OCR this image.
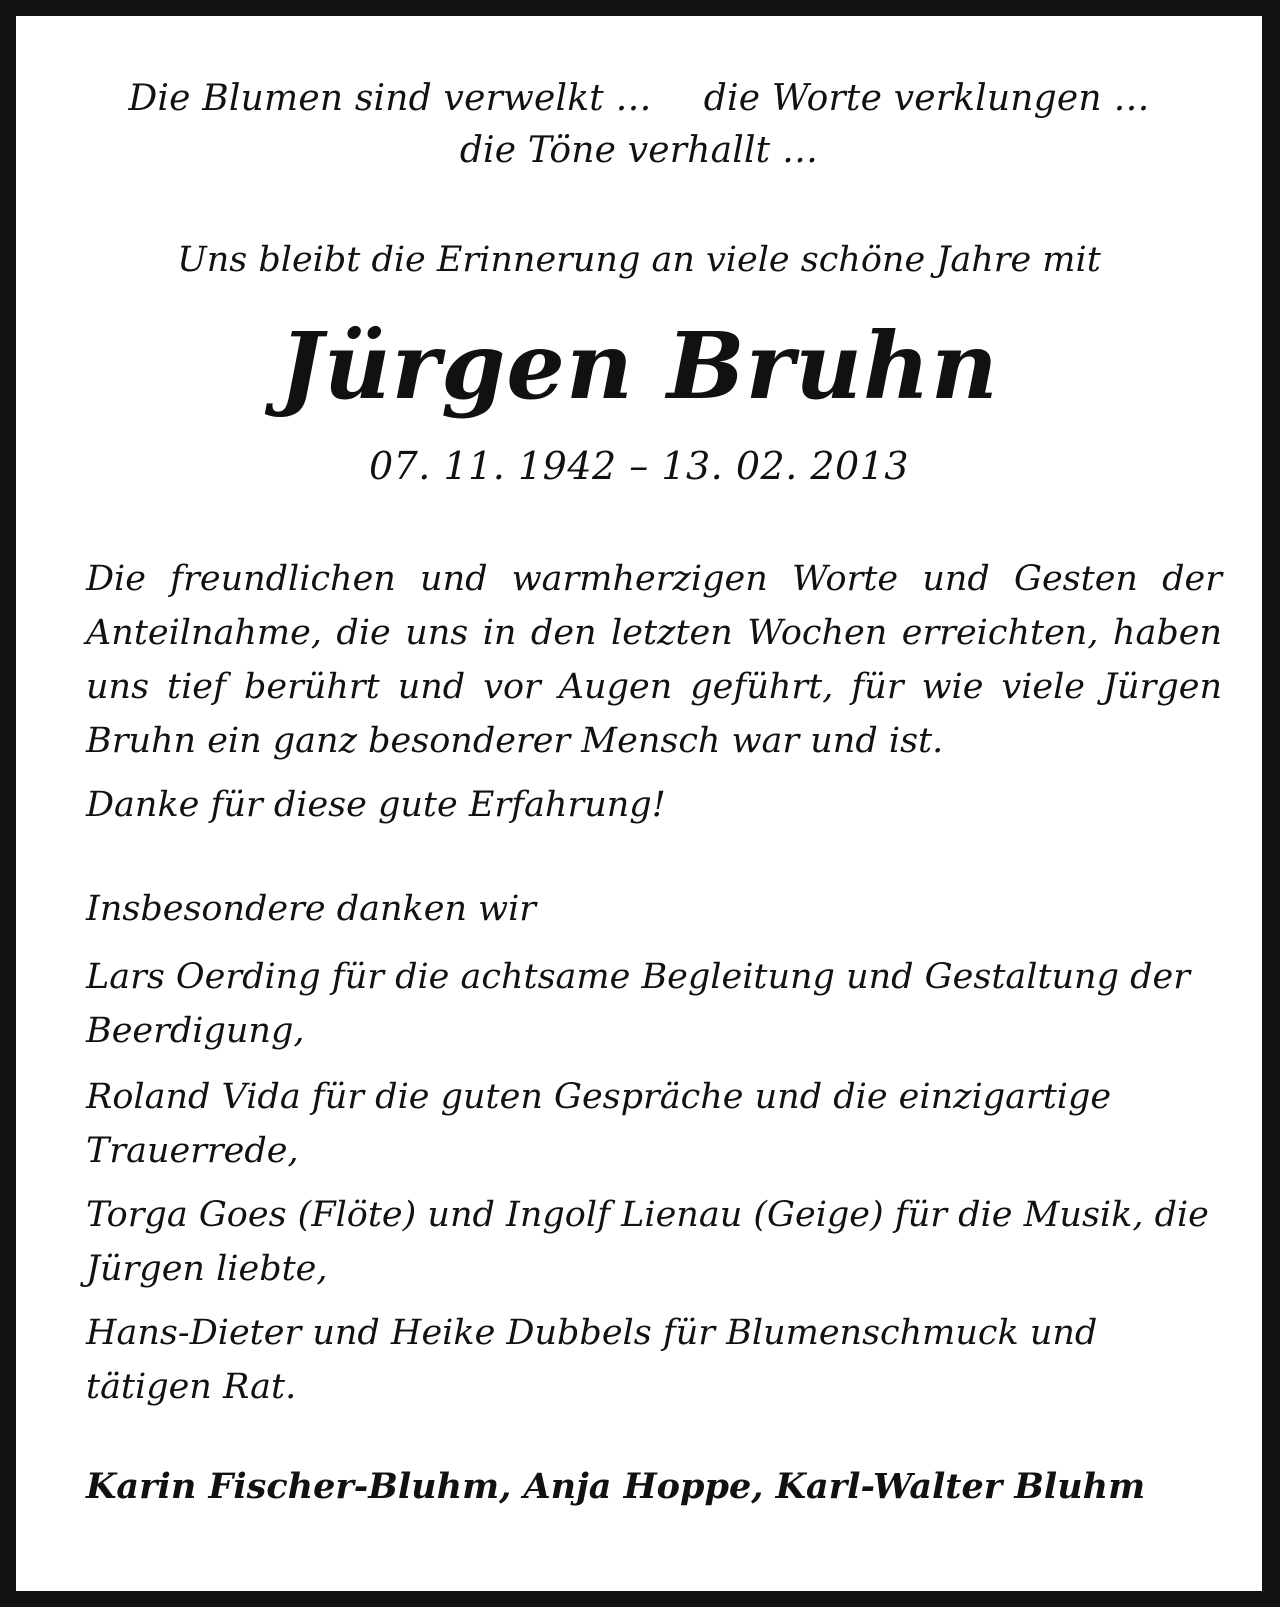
Die Blumen sind verwelkt … die Worte verklungen …

die Töne verhallt …

Uns bleibt die Erinnerung an viele schöne Jahre mit

Jürgen Bruhn

07. 11. 1942 – 13. 02. 2013

Die freundlichen und warmherzigen Worte und Gesten der Anteilnahme, die uns in den letzten Wochen erreichten, haben uns tief berührt und vor Augen geführt, für wie viele Jürgen Bruhn ein ganz besonderer Mensch war und ist.

Danke für diese gute Erfahrung!

Insbesondere danken wir

Lars Oerding für die achtsame Begleitung und Gestaltung der Beerdigung,

Roland Vida für die guten Gespräche und die einzigartige Trauerrede,

Torga Goes (Flöte) und Ingolf Lienau (Geige) für die Musik, die Jürgen liebte,

Hans-Dieter und Heike Dubbels für Blumenschmuck und tätigen Rat.

Karin Fischer-Bluhm, Anja Hoppe, Karl-Walter Bluhm
